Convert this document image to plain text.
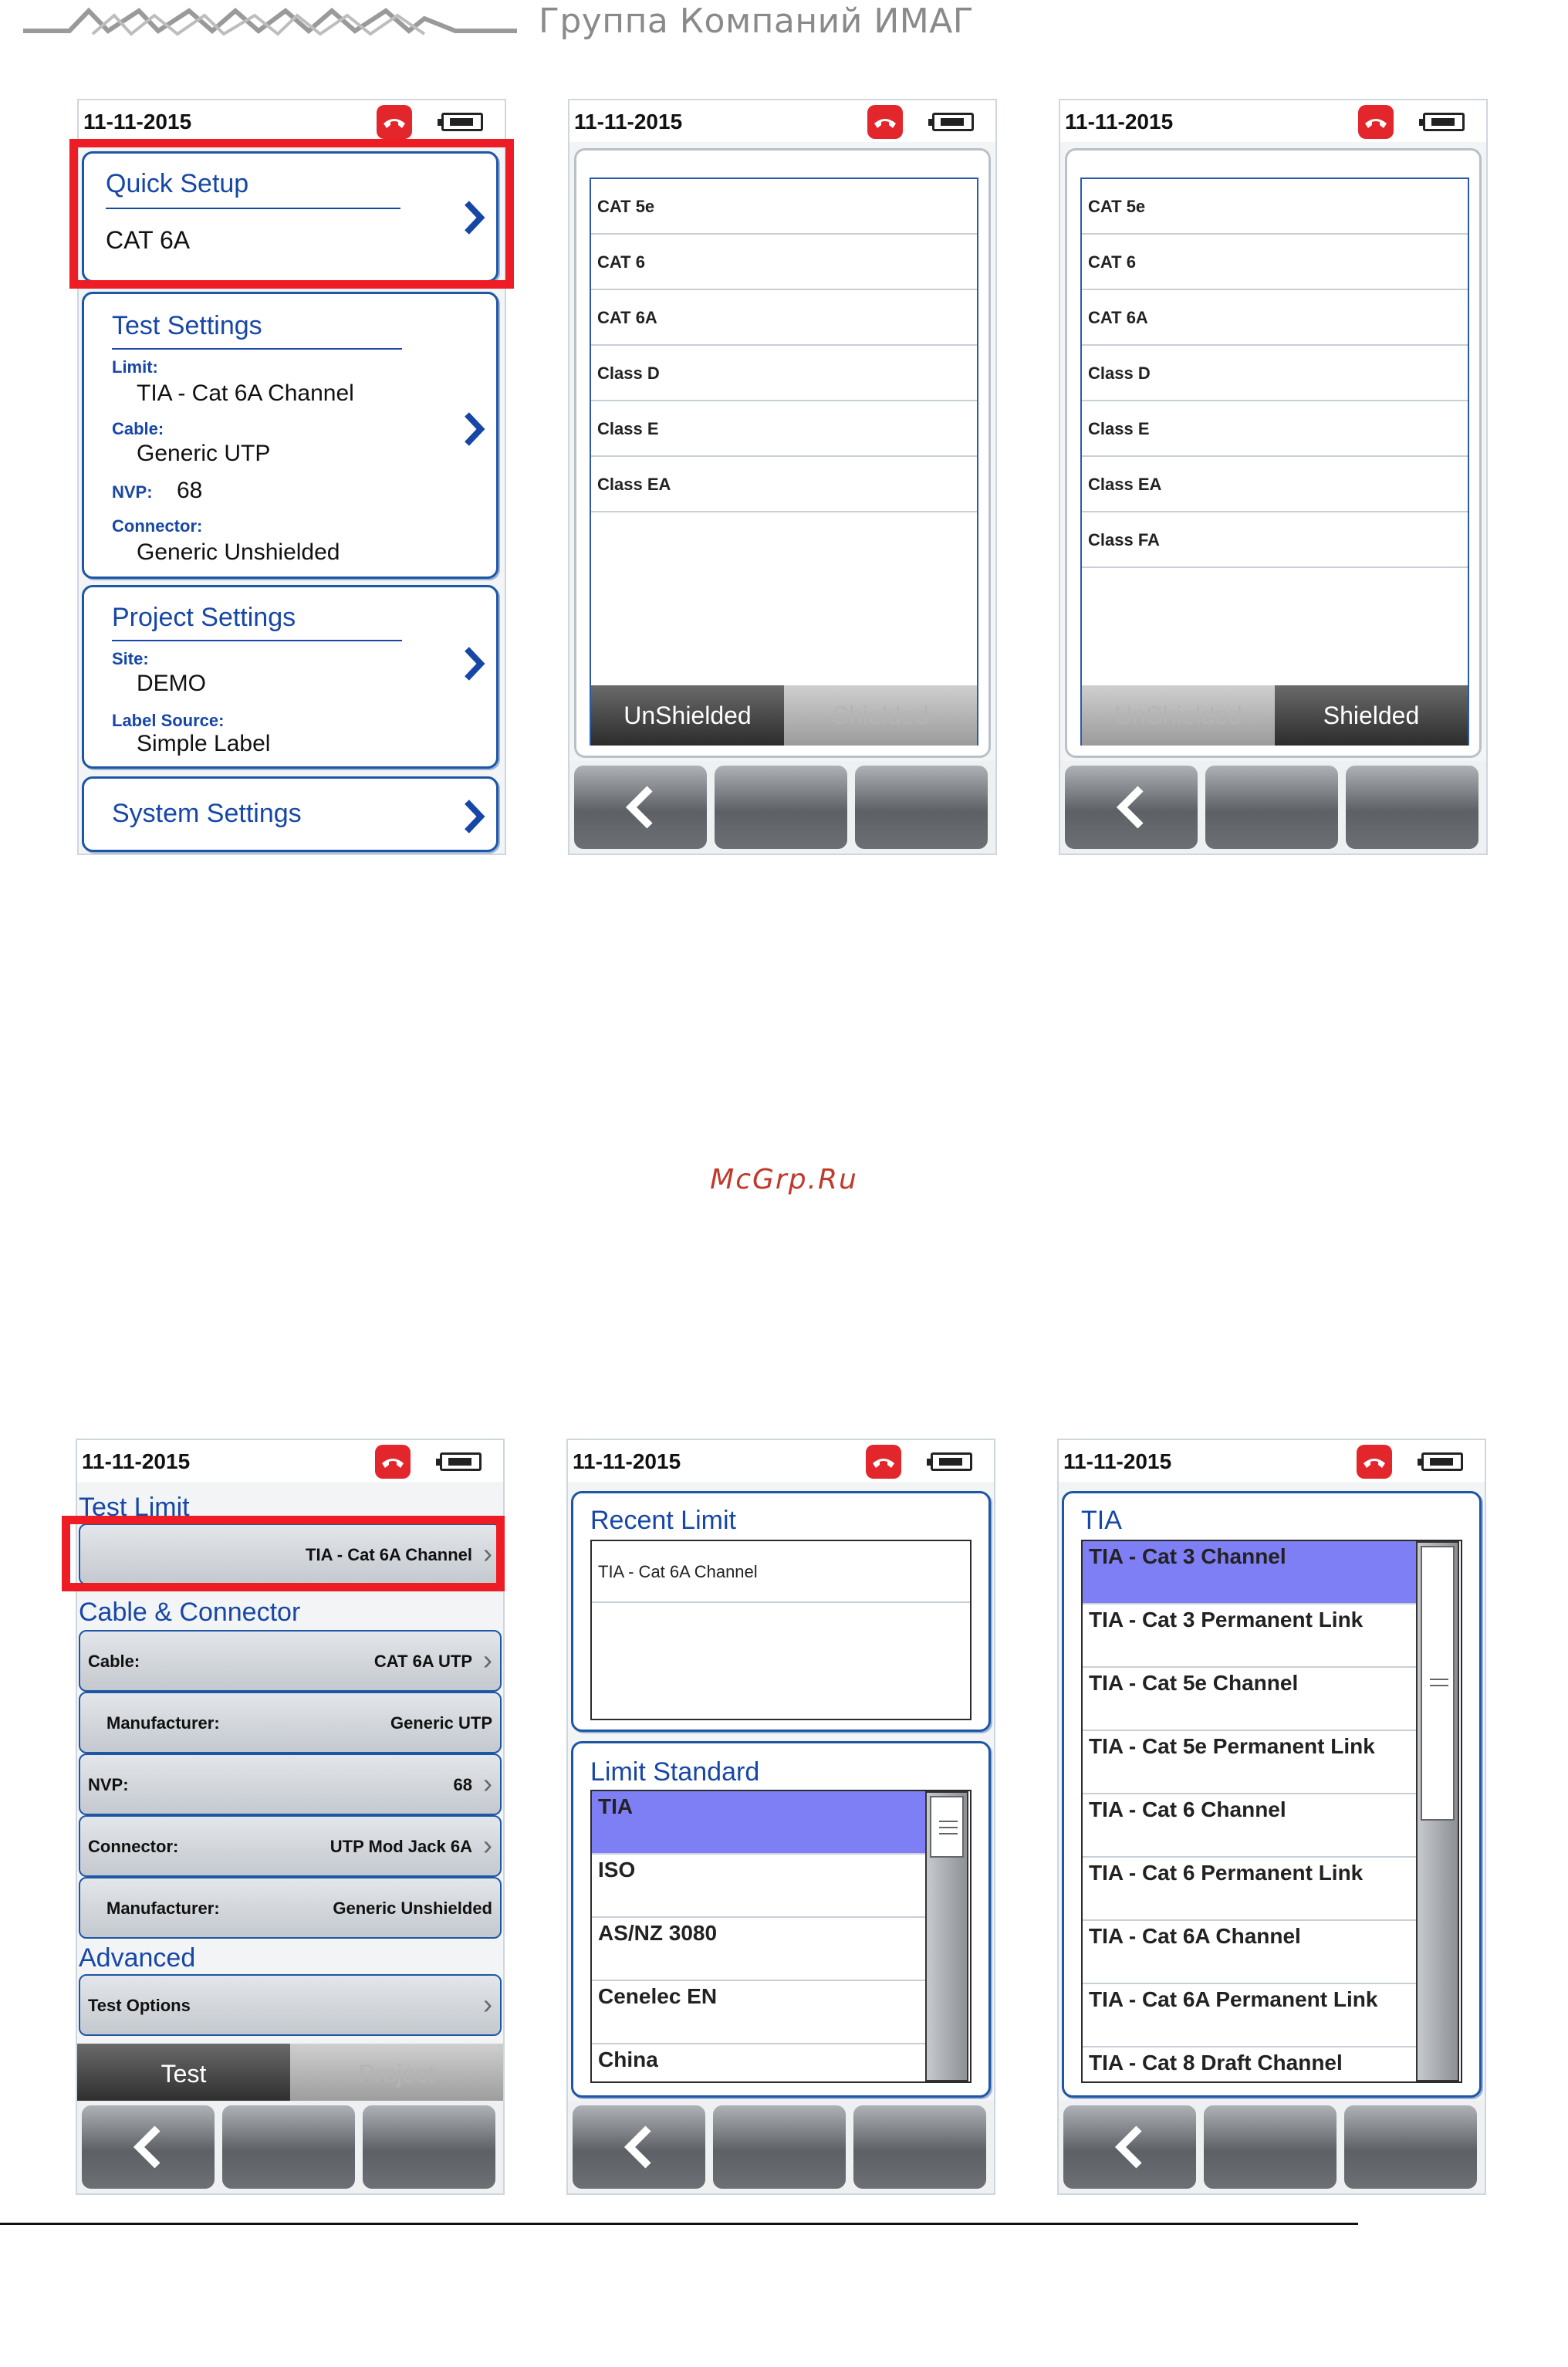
Группа Компаний ИМАГ
McGrp.Ru
11-11-2015
Quick Setup
CAT 6A
Test Settings
Limit:
TIA - Cat 6A Channel
Cable:
Generic UTP
NVP: 68
Connector:
Generic Unshielded
Project Settings
Site:
DEMO
Label Source:
Simple Label
System Settings
11-11-2015
CAT 5e
CAT 6
CAT 6A
Class D
Class E
Class EA
UnShielded	Shielded
11-11-2015
CAT 5e
CAT 6
CAT 6A
Class D
Class E
Class EA
Class FA
UnShielded	Shielded
11-11-2015
Test Limit
TIA - Cat 6A Channel ›
Cable & Connector
Cable:	CAT 6A UTP ›
Manufacturer:	Generic UTP
NVP:	68 ›
Connector:	UTP Mod Jack 6A ›
Manufacturer:	Generic Unshielded
Advanced
Test Options	›
Test	Project
11-11-2015
Recent Limit
TIA - Cat 6A Channel
Limit Standard
TIA
ISO
AS/NZ 3080
Cenelec EN
China
11-11-2015
TIA
TIA - Cat 3 Channel
TIA - Cat 3 Permanent Link
TIA - Cat 5e Channel
TIA - Cat 5e Permanent Link
TIA - Cat 6 Channel
TIA - Cat 6 Permanent Link
TIA - Cat 6A Channel
TIA - Cat 6A Permanent Link
TIA - Cat 8 Draft Channel
